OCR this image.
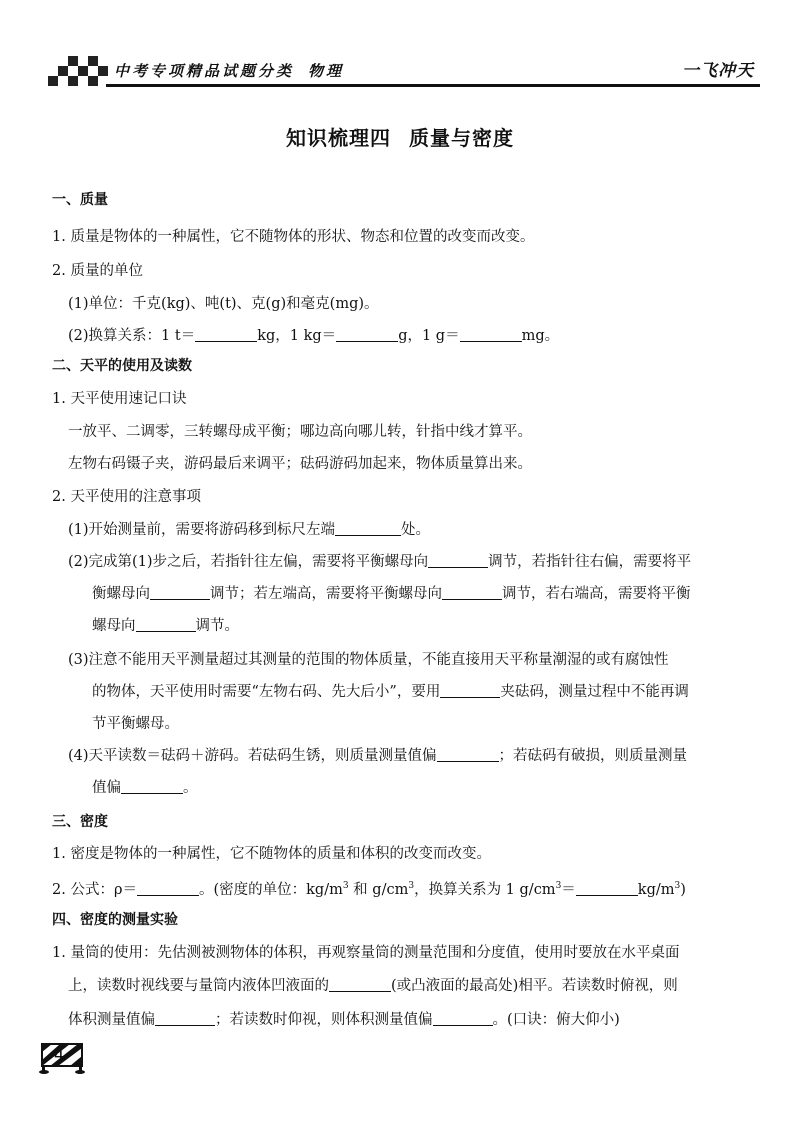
中考专项精品试题分类 物理	一飞冲天
知识梳理四 质量与密度
一、质量
1. 质量是物体的一种属性，它不随物体的形状、物态和位置的改变而改变。
2. 质量的单位
(1)单位：千克(kg)、吨(t)、克(g)和毫克(mg)。
(2)换算关系：1 t＝	kg，1 kg＝	g，1 g＝	mg。
二、天平的使用及读数
1. 天平使用速记口诀
一放平、二调零，三转螺母成平衡；哪边高向哪儿转，针指中线才算平。
左物右码镊子夹，游码最后来调平；砝码游码加起来，物体质量算出来。
2. 天平使用的注意事项
(1)开始测量前，需要将游码移到标尺左端	处。
(2)完成第(1)步之后，若指针往左偏，需要将平衡螺母向	调节，若指针往右偏，需要将平
衡螺母向	调节；若左端高，需要将平衡螺母向	调节，若右端高，需要将平衡
螺母向	调节。
(3)注意不能用天平测量超过其测量的范围的物体质量，不能直接用天平称量潮湿的或有腐蚀性
的物体，天平使用时需要“左物右码、先大后小”，要用	夹砝码，测量过程中不能再调
节平衡螺母。
(4)天平读数＝砝码＋游码。若砝码生锈，则质量测量值偏	；若砝码有破损，则质量测量
值偏	。
三、密度
1. 密度是物体的一种属性，它不随物体的质量和体积的改变而改变。
2. 公式：ρ＝	。(密度的单位：$kg/m^3$ 和 $g/cm^3$，换算关系为 1 $g/cm^3=$	$kg/m^3$)
四、密度的测量实验
1. 量筒的使用：先估测被测物体的体积，再观察量筒的测量范围和分度值，使用时要放在水平桌面
上，读数时视线要与量筒内液体凹液面的	(或凸液面的最高处)相平。若读数时俯视，则
体积测量值偏	；若读数时仰视，则体积测量值偏	。(口诀：俯大仰小)
4
